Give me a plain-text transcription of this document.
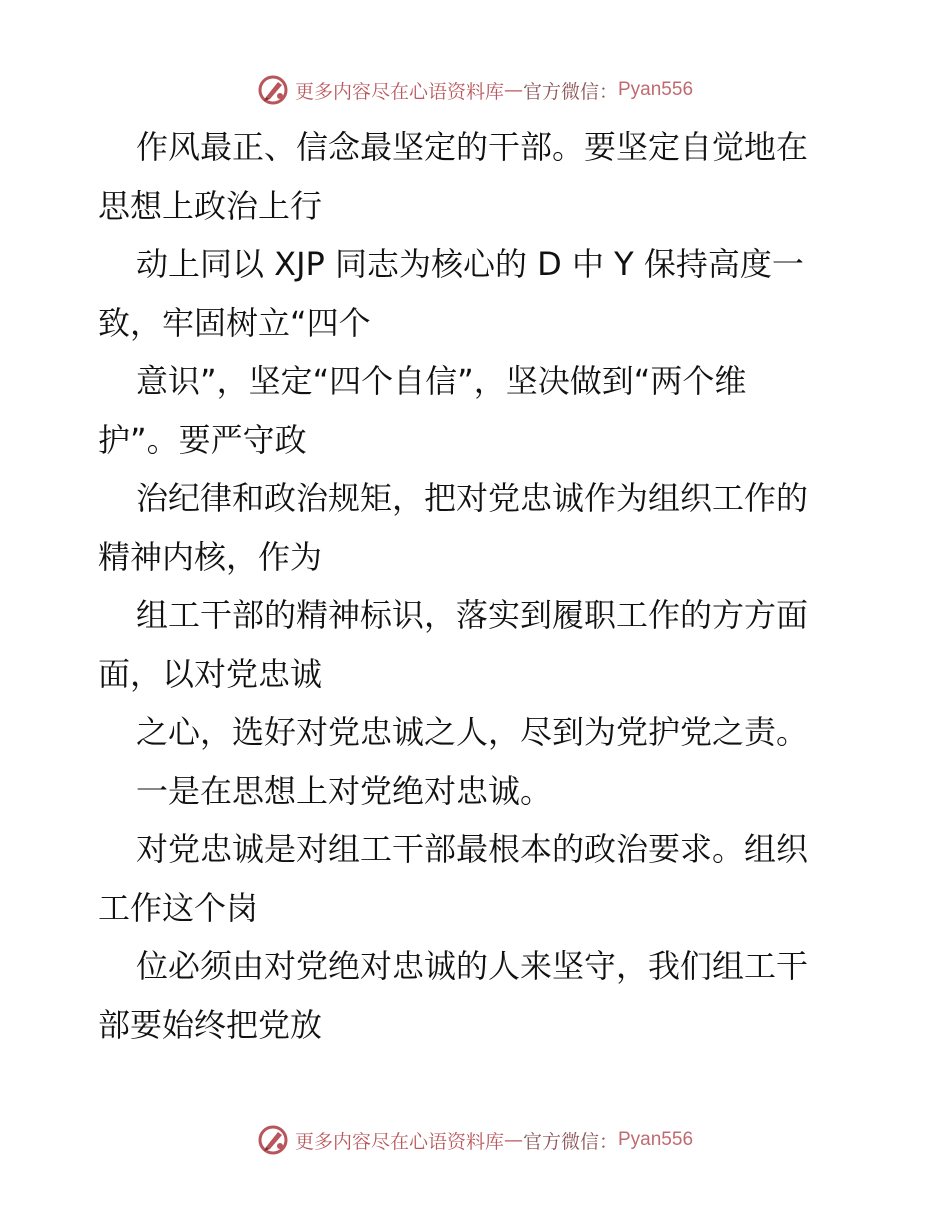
更多内容尽在心语资料库 — 官方微信： Pyan556

作风最正、信念最坚定的干部。要坚定自觉地在

思想上政治上行

动上同以 XJP 同志为核心的 D 中 Y 保持高度一

致，牢固树立“四个

意识”，坚定“四个自信”，坚决做到“两个维

护”。要严守政

治纪律和政治规矩，把对党忠诚作为组织工作的

精神内核，作为

组工干部的精神标识，落实到履职工作的方方面

面，以对党忠诚

之心，选好对党忠诚之人，尽到为党护党之责。

一是在思想上对党绝对忠诚。

对党忠诚是对组工干部最根本的政治要求。组织

工作这个岗

位必须由对党绝对忠诚的人来坚守，我们组工干

部要始终把党放

更多内容尽在心语资料库 — 官方微信： Pyan556
